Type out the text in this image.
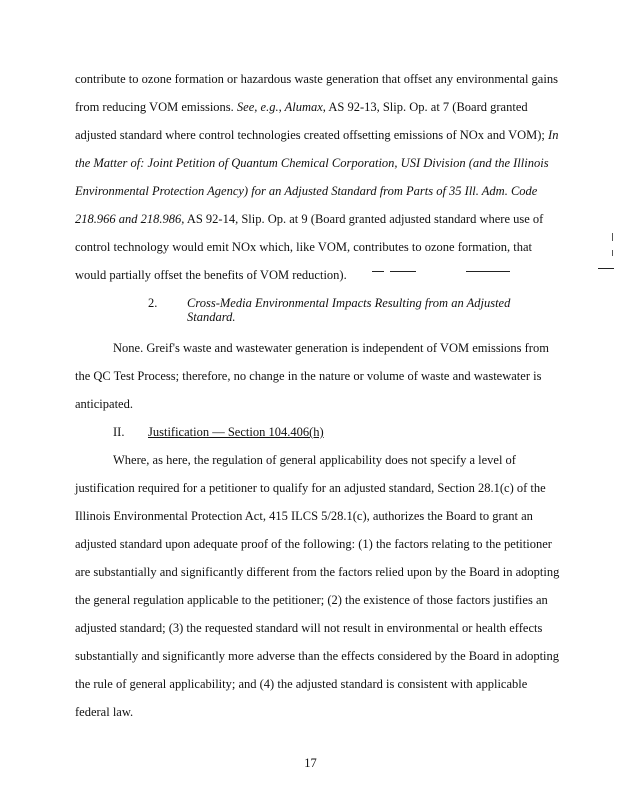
contribute to ozone formation or hazardous waste generation that offset any environmental gains
from reducing VOM emissions. See, e.g., Alumax, AS 92-13, Slip. Op. at 7 (Board granted
adjusted standard where control technologies created offsetting emissions of NOx and VOM); In
the Matter of: Joint Petition of Quantum Chemical Corporation, USI Division (and the Illinois
Environmental Protection Agency) for an Adjusted Standard from Parts of 35 Ill. Adm. Code
218.966 and 218.986, AS 92-14, Slip. Op. at 9 (Board granted adjusted standard where use of
control technology would emit NOx which, like VOM, contributes to ozone formation, that
would partially offset the benefits of VOM reduction).
2. Cross-Media Environmental Impacts Resulting from an Adjusted
Standard.
None. Greif's waste and wastewater generation is independent of VOM emissions from
the QC Test Process; therefore, no change in the nature or volume of waste and wastewater is
anticipated.
II. Justification — Section 104.406(h)
Where, as here, the regulation of general applicability does not specify a level of
justification required for a petitioner to qualify for an adjusted standard, Section 28.1(c) of the
Illinois Environmental Protection Act, 415 ILCS 5/28.1(c), authorizes the Board to grant an
adjusted standard upon adequate proof of the following: (1) the factors relating to the petitioner
are substantially and significantly different from the factors relied upon by the Board in adopting
the general regulation applicable to the petitioner; (2) the existence of those factors justifies an
adjusted standard; (3) the requested standard will not result in environmental or health effects
substantially and significantly more adverse than the effects considered by the Board in adopting
the rule of general applicability; and (4) the adjusted standard is consistent with applicable
federal law.
17
